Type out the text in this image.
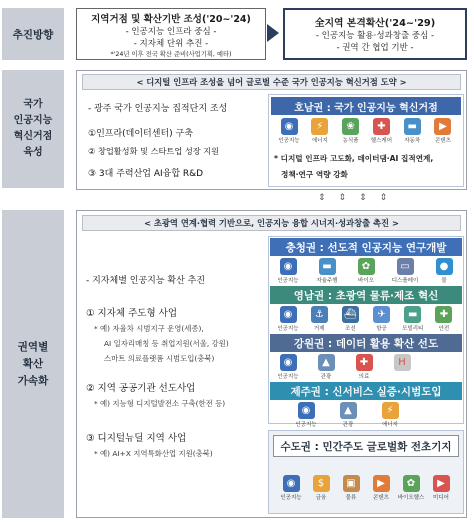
추진방향
지역거점 및 확산기반 조성('20~'24)
- 인공지능 인프라 중심 -
- 지자체 단위 추진 -
*'24년 이후 전국 확산 준비(사업기획, 예타)
全지역 본격확산('24~'29)
- 인공지능 활용·성과창출 중심 -
- 권역 간 협업 기반 -
국가
인공지능
혁신거점
육성
< 디지털 인프라 조성을 넘어 글로벌 수준 국가 인공지능 혁신거점 도약 >
- 광주 국가 인공지능 집적단지 조성
①인프라(데이터센터) 구축
② 창업활성화 및 스타트업 성장 지원
③ 3대 주력산업 AI융합 R&D
호남권 : 국가 인공지능 혁신거점
◉
인공지능
⚡
에너지
❀
농식품
✚
헬스케어
▬
자동차
▶
콘텐츠
* 디지털 인프라 고도화, 데이터댐·AI 집적연계,
정책·연구 역량 강화
⇕⇕⇕⇕
권역별
확산
가속화
< 초광역 연계·협력 기반으로, 인공지능 융합 시너지·성과창출 촉진 >
- 지자체별 인공지능 확산 추진
① 지자체 주도형 사업
* 예) 자율차 시범지구 운영(세종),
AI 일자리매칭 등 취업지원(서울, 강원)
스마트 의료플랫폼 시범도입(충북)
② 지역 공공기관 선도사업
* 예) 지능형 디지털발전소 구축(한전 등)
③ 디지털뉴딜 지역 사업
* 예) AI+X 지역특화산업 지원(충북)
충청권 : 선도적 인공지능 연구개발
◉
인공지능
▬
자율주행
✿
바이오
▭
디스플레이
●
물
영남권 : 초광역 물류·제조 혁신
◉
인공지능
⚓
거제
⛴
조선
✈
항공
▬
모빌리티
✚
안전
강원권 : 데이터 활용 확산 선도
◉
인공지능
▲
관광
✚
의료
H
제주권 : 신서비스 실증·시범도입
◉
인공지능
▲
관광
⚡
에너지
수도권 : 민간주도 글로벌화 전초기지
◉
인공지능
$
금융
▣
물류
▶
콘텐츠
✿
바이오헬스
▶
미디어
